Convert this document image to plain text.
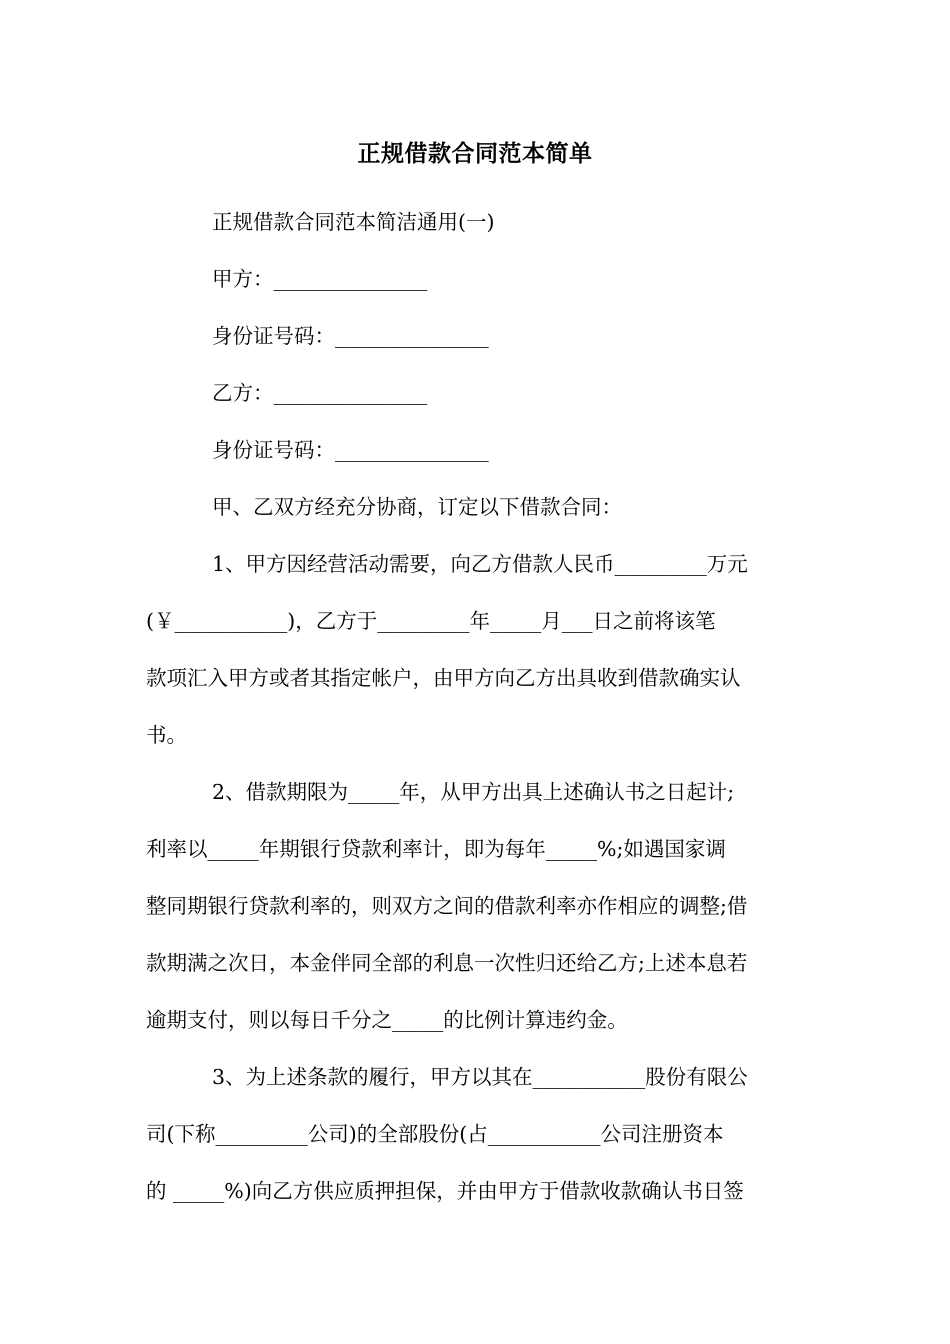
正规借款合同范本简单
正规借款合同范本简洁通用(一)
甲方：_______________
身份证号码：_______________
乙方：_______________
身份证号码：_______________
甲、乙双方经充分协商，订定以下借款合同：
1、甲方因经营活动需要，向乙方借款人民币_________万元
(￥___________)，乙方于_________年_____月___日之前将该笔
款项汇入甲方或者其指定帐户，由甲方向乙方出具收到借款确实认
书。
2、借款期限为_____年，从甲方出具上述确认书之日起计;
利率以_____年期银行贷款利率计，即为每年_____%;如遇国家调
整同期银行贷款利率的，则双方之间的借款利率亦作相应的调整;借
款期满之次日，本金伴同全部的利息一次性归还给乙方;上述本息若
逾期支付，则以每日千分之_____的比例计算违约金。
3、为上述条款的履行，甲方以其在___________股份有限公
司(下称_________公司)的全部股份(占___________公司注册资本
的 _____%)向乙方供应质押担保，并由甲方于借款收款确认书日签
